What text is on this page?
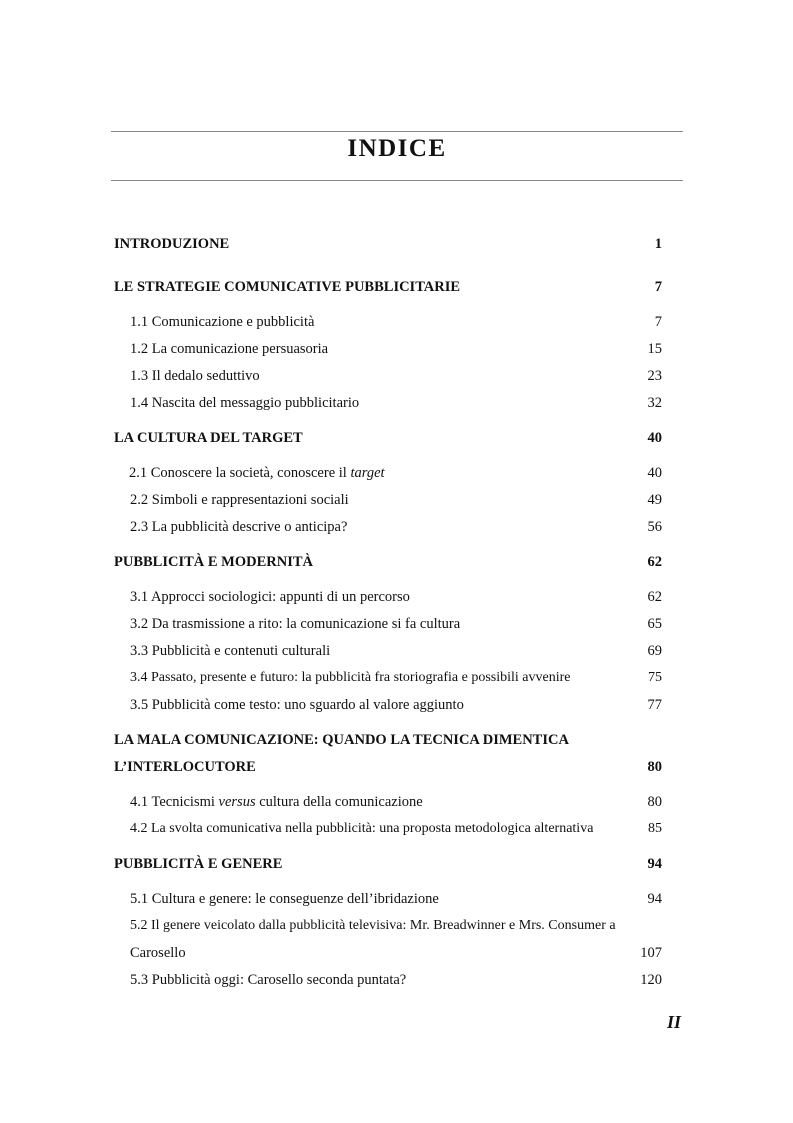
INDICE
INTRODUZIONE	1
LE STRATEGIE COMUNICATIVE PUBBLICITARIE	7
1.1 Comunicazione e pubblicità	7
1.2 La comunicazione persuasoria	15
1.3 Il dedalo seduttivo	23
1.4 Nascita del messaggio pubblicitario	32
LA CULTURA DEL TARGET	40
2.1 Conoscere la società, conoscere il target	40
2.2 Simboli e rappresentazioni sociali	49
2.3 La pubblicità descrive o anticipa?	56
PUBBLICITÀ E MODERNITÀ	62
3.1 Approcci sociologici: appunti di un percorso	62
3.2 Da trasmissione a rito: la comunicazione si fa cultura	65
3.3 Pubblicità e contenuti culturali	69
3.4 Passato, presente e futuro: la pubblicità fra storiografia e possibili avvenire	75
3.5 Pubblicità come testo: uno sguardo al valore aggiunto	77
LA MALA COMUNICAZIONE: QUANDO LA TECNICA DIMENTICA
L’INTERLOCUTORE	80
4.1 Tecnicismi versus cultura della comunicazione	80
4.2 La svolta comunicativa nella pubblicità: una proposta metodologica alternativa	85
PUBBLICITÀ E GENERE	94
5.1 Cultura e genere: le conseguenze dell’ibridazione	94
5.2 Il genere veicolato dalla pubblicità televisiva: Mr. Breadwinner e Mrs. Consumer a
Carosello	107
5.3 Pubblicità oggi: Carosello seconda puntata?	120
II
